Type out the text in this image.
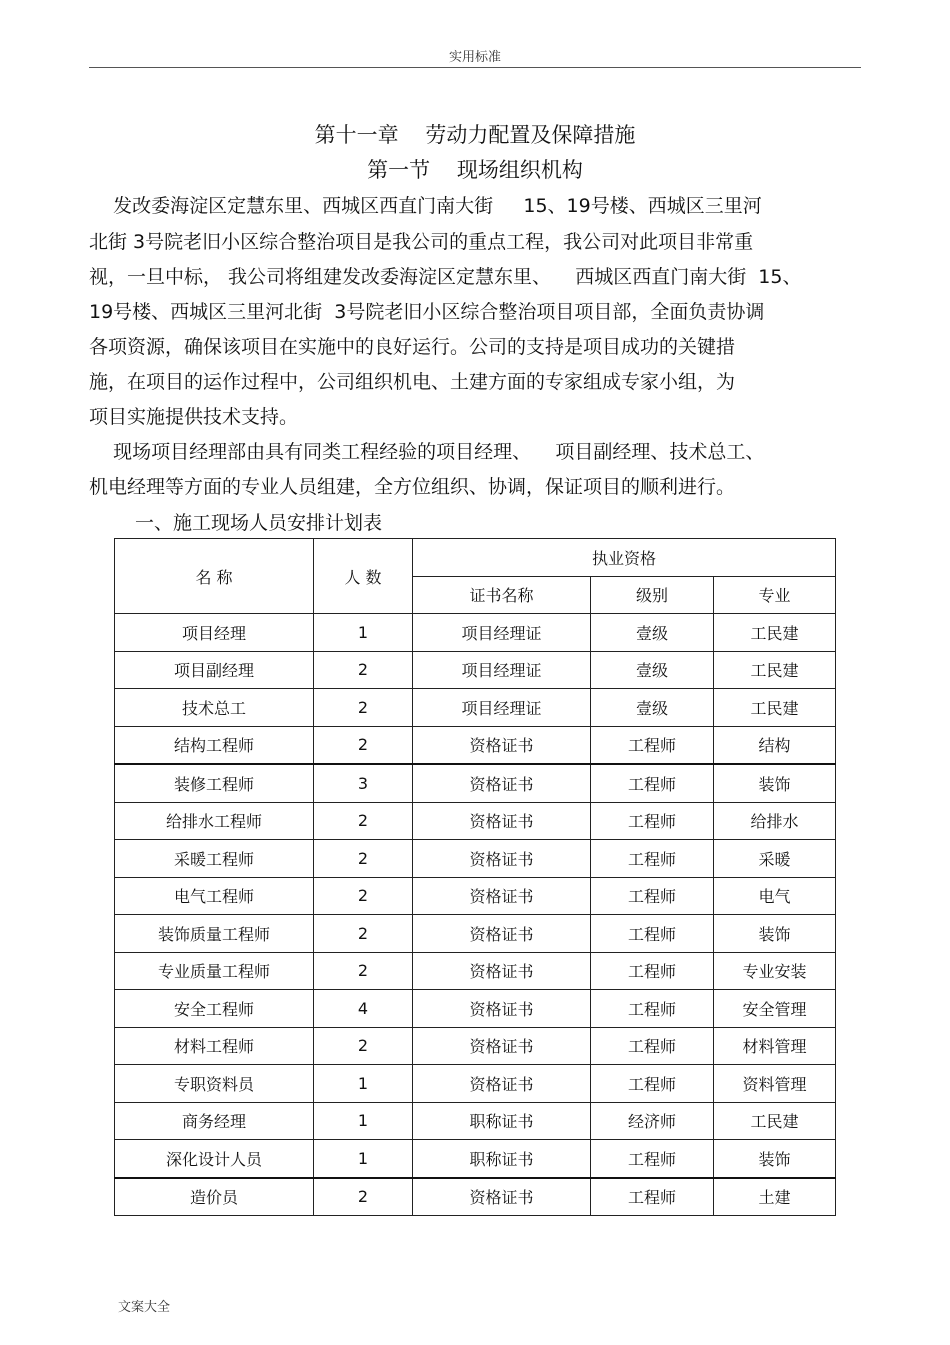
实用标准
第十一章    劳动力配置及保障措施
第一节    现场组织机构
发改委海淀区定慧东里、西城区西直门南大街     15、19号楼、西城区三里河
北街 3号院老旧小区综合整治项目是我公司的重点工程，我公司对此项目非常重
视，一旦中标， 我公司将组建发改委海淀区定慧东里、    西城区西直门南大街  15、
19号楼、西城区三里河北街  3号院老旧小区综合整治项目项目部，全面负责协调
各项资源，确保该项目在实施中的良好运行。公司的支持是项目成功的关键措
施，在项目的运作过程中，公司组织机电、土建方面的专家组成专家小组，为
项目实施提供技术支持。
现场项目经理部由具有同类工程经验的项目经理、    项目副经理、技术总工、
机电经理等方面的专业人员组建，全方位组织、协调，保证项目的顺利进行。
一、施工现场人员安排计划表
名 称	人 数	执业资格		
		证书名称	级别	专业
项目经理	1	项目经理证	壹级	工民建
项目副经理	2	项目经理证	壹级	工民建
技术总工	2	项目经理证	壹级	工民建
结构工程师	2	资格证书	工程师	结构
装修工程师	3	资格证书	工程师	装饰
给排水工程师	2	资格证书	工程师	给排水
采暖工程师	2	资格证书	工程师	采暖
电气工程师	2	资格证书	工程师	电气
装饰质量工程师	2	资格证书	工程师	装饰
专业质量工程师	2	资格证书	工程师	专业安装
安全工程师	4	资格证书	工程师	安全管理
材料工程师	2	资格证书	工程师	材料管理
专职资料员	1	资格证书	工程师	资料管理
商务经理	1	职称证书	经济师	工民建
深化设计人员	1	职称证书	工程师	装饰
造价员	2	资格证书	工程师	土建
文案大全
